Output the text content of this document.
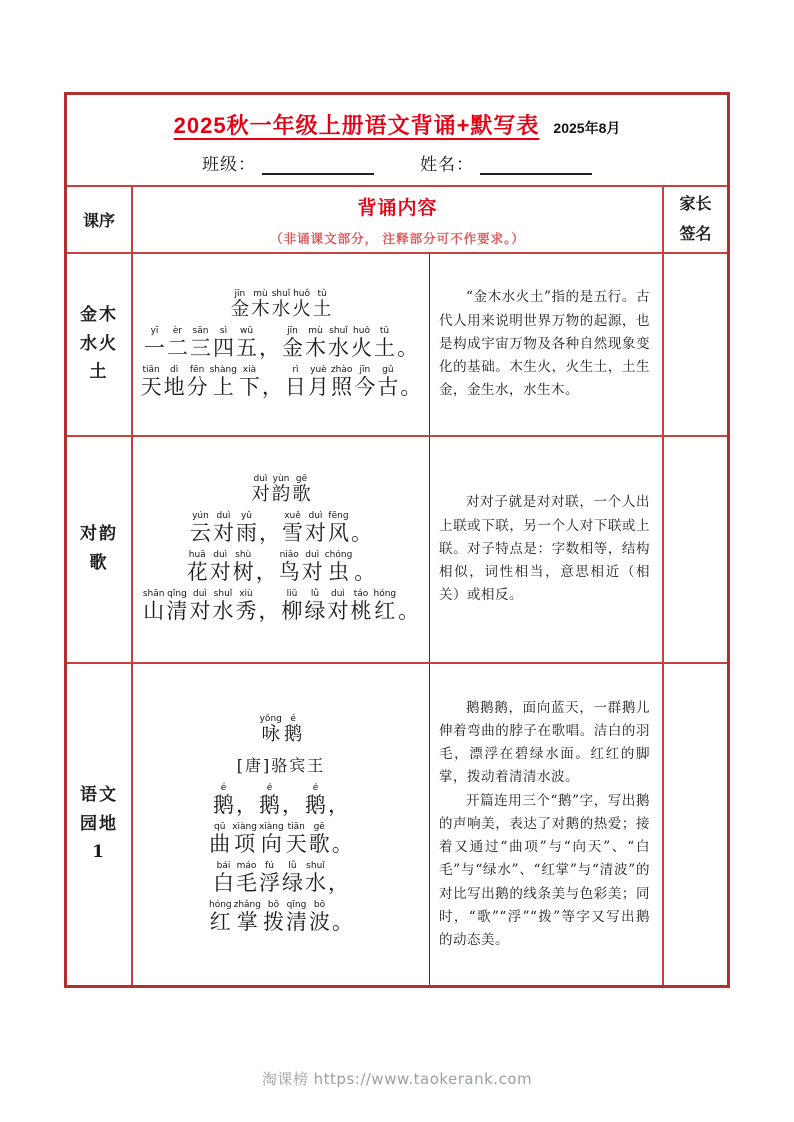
2025秋一年级上册语文背诵+默写表 2025年8月
班级：	姓名：
课序
背诵内容
（非诵课文部分， 注释部分可不作要求。）
家长
签名
金木
水火
土
金jīn木mù水shuǐ火huǒ土tǔ
一yī二èr三sān四sì五wǔ，金jīn木mù水shuǐ火huǒ土tǔ。
天tiān地dì分fēn上shàng下xià，日rì月yuè照zhào今jīn古gǔ。

“金木水火土”指的是五行。古代人用来说明世界万物的起源，也是构成宇宙万物及各种自然现象变化的基础。木生火，火生土，土生金，金生水，水生木。

对韵
歌
对duì韵yùn歌gē
云yún对duì雨yǔ，雪xuě对duì风fēng。
花huā对duì树shù，鸟niǎo对duì虫chóng。
山shān清qīng对duì水shuǐ秀xiù，柳liǔ绿lǜ对duì桃táo红hóng。

对对子就是对对联，一个人出上联或下联，另一个人对下联或上联。对子特点是：字数相等，结构相似，词性相当，意思相近（相关）或相反。

语文
园地
1
咏yǒng鹅é
[唐]骆宾王
鹅é，鹅é，鹅é，
曲qū项xiàng向xiàng天tiān歌gē。
白bái毛máo浮fú绿lǜ水shuǐ，
红hóng掌zhǎng拨bō清qīng波bō。

鹅鹅鹅，面向蓝天，一群鹅儿伸着弯曲的脖子在歌唱。洁白的羽毛，漂浮在碧绿水面。红红的脚掌，拨动着清清水波。

开篇连用三个“鹅”字，写出鹅的声响美，表达了对鹅的热爱；接着又通过“曲项”与“向天”、“白毛”与“绿水”、“红掌”与“清波”的对比写出鹅的线条美与色彩美；同时，“歌”“浮”“拨”等字又写出鹅的动态美。

淘课榜 https://www.taokerank.com
